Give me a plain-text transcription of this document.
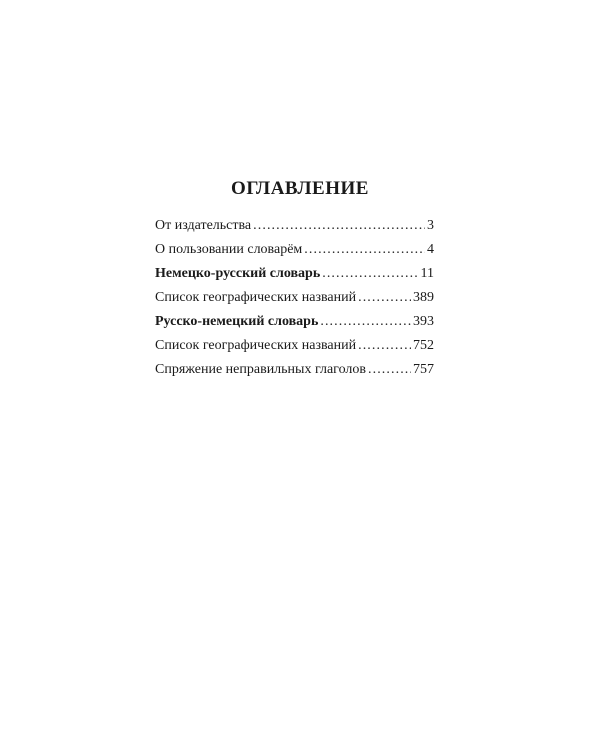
ОГЛАВЛЕНИЕ
От издательства . . .	3
О пользовании словарём . . .	4
Немецко-русский словарь . . .	11
Список географических названий . . .	389
Русско-немецкий словарь . . .	393
Список географических названий . . .	752
Спряжение неправильных глаголов . . .	757
